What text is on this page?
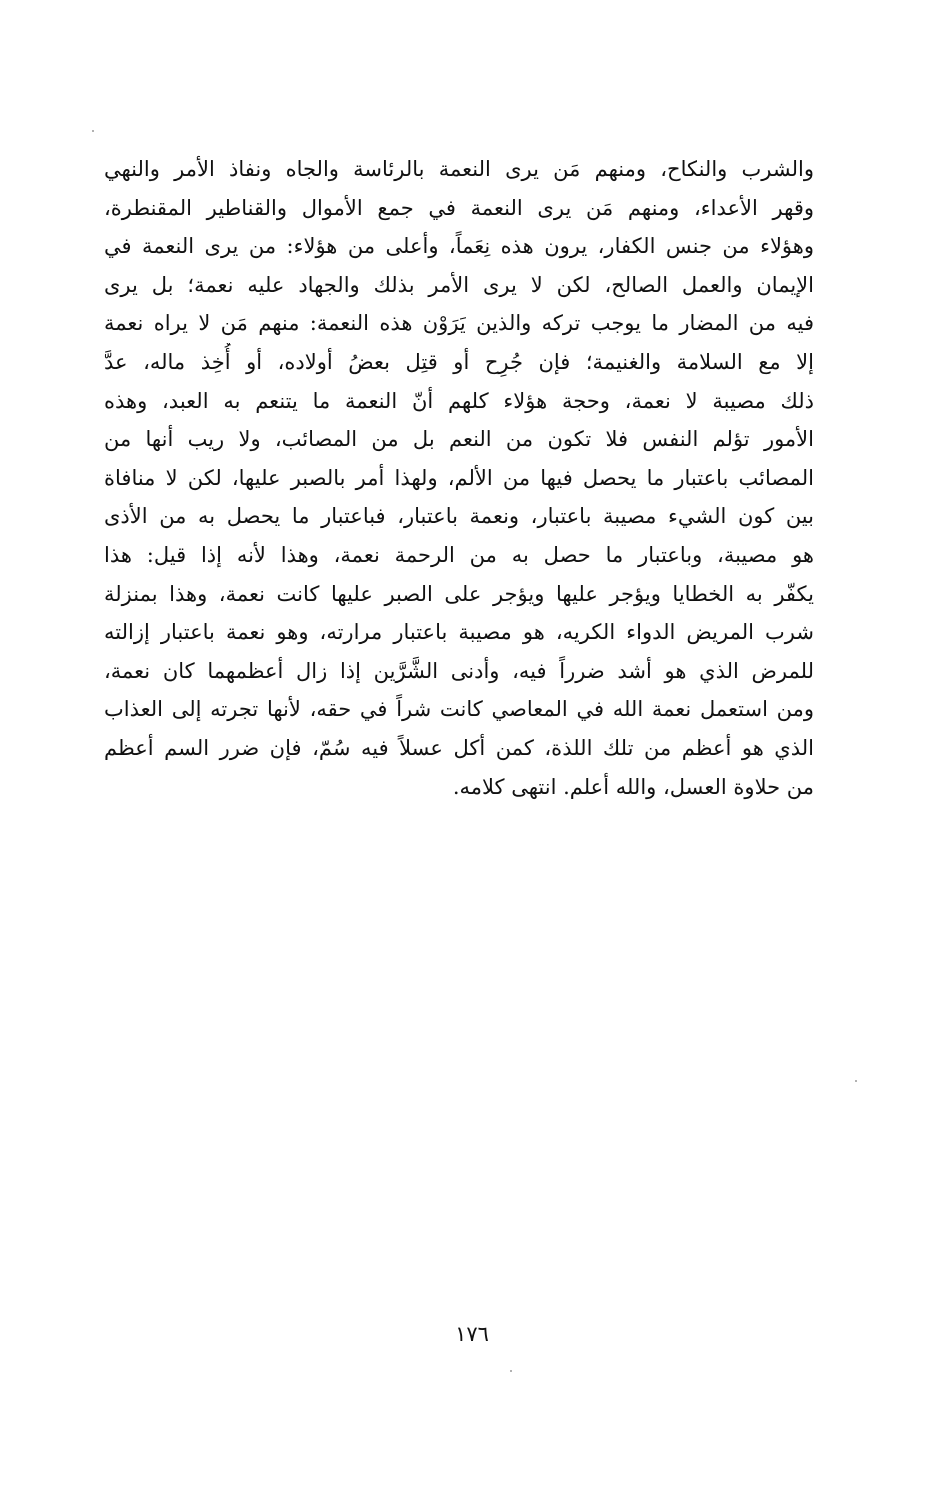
والشرب والنكاح، ومنهم مَن يرى النعمة بالرئاسة والجاه ونفاذ الأمر والنهي
وقهر الأعداء، ومنهم مَن يرى النعمة في جمع الأموال والقناطير المقنطرة،
وهؤلاء من جنس الكفار، يرون هذه نِعَماً، وأعلى من هؤلاء: من يرى النعمة في
الإيمان والعمل الصالح، لكن لا يرى الأمر بذلك والجهاد عليه نعمة؛ بل يرى
فيه من المضار ما يوجب تركه والذين يَرَوْن هذه النعمة: منهم مَن لا يراه نعمة
إلا مع السلامة والغنيمة؛ فإن جُرِح أو قتِل بعضُ أولاده، أو أُخِذ ماله، عدَّ
ذلك مصيبة لا نعمة، وحجة هؤلاء كلهم أنّ النعمة ما يتنعم به العبد، وهذه
الأمور تؤلم النفس فلا تكون من النعم بل من المصائب، ولا ريب أنها من
المصائب باعتبار ما يحصل فيها من الألم، ولهذا أمر بالصبر عليها، لكن لا منافاة
بين كون الشيء مصيبة باعتبار، ونعمة باعتبار، فباعتبار ما يحصل به من الأذى
هو مصيبة، وباعتبار ما حصل به من الرحمة نعمة، وهذا لأنه إذا قيل: هذا
يكفّر به الخطايا ويؤجر عليها ويؤجر على الصبر عليها كانت نعمة، وهذا بمنزلة
شرب المريض الدواء الكريه، هو مصيبة باعتبار مرارته، وهو نعمة باعتبار إزالته
للمرض الذي هو أشد ضرراً فيه، وأدنى الشَّرَّين إذا زال أعظمهما كان نعمة،
ومن استعمل نعمة الله في المعاصي كانت شراً في حقه، لأنها تجرته إلى العذاب
الذي هو أعظم من تلك اللذة، كمن أكل عسلاً فيه سُمّ، فإن ضرر السم أعظم
من حلاوة العسل، والله أعلم. انتهى كلامه.
١٧٦
